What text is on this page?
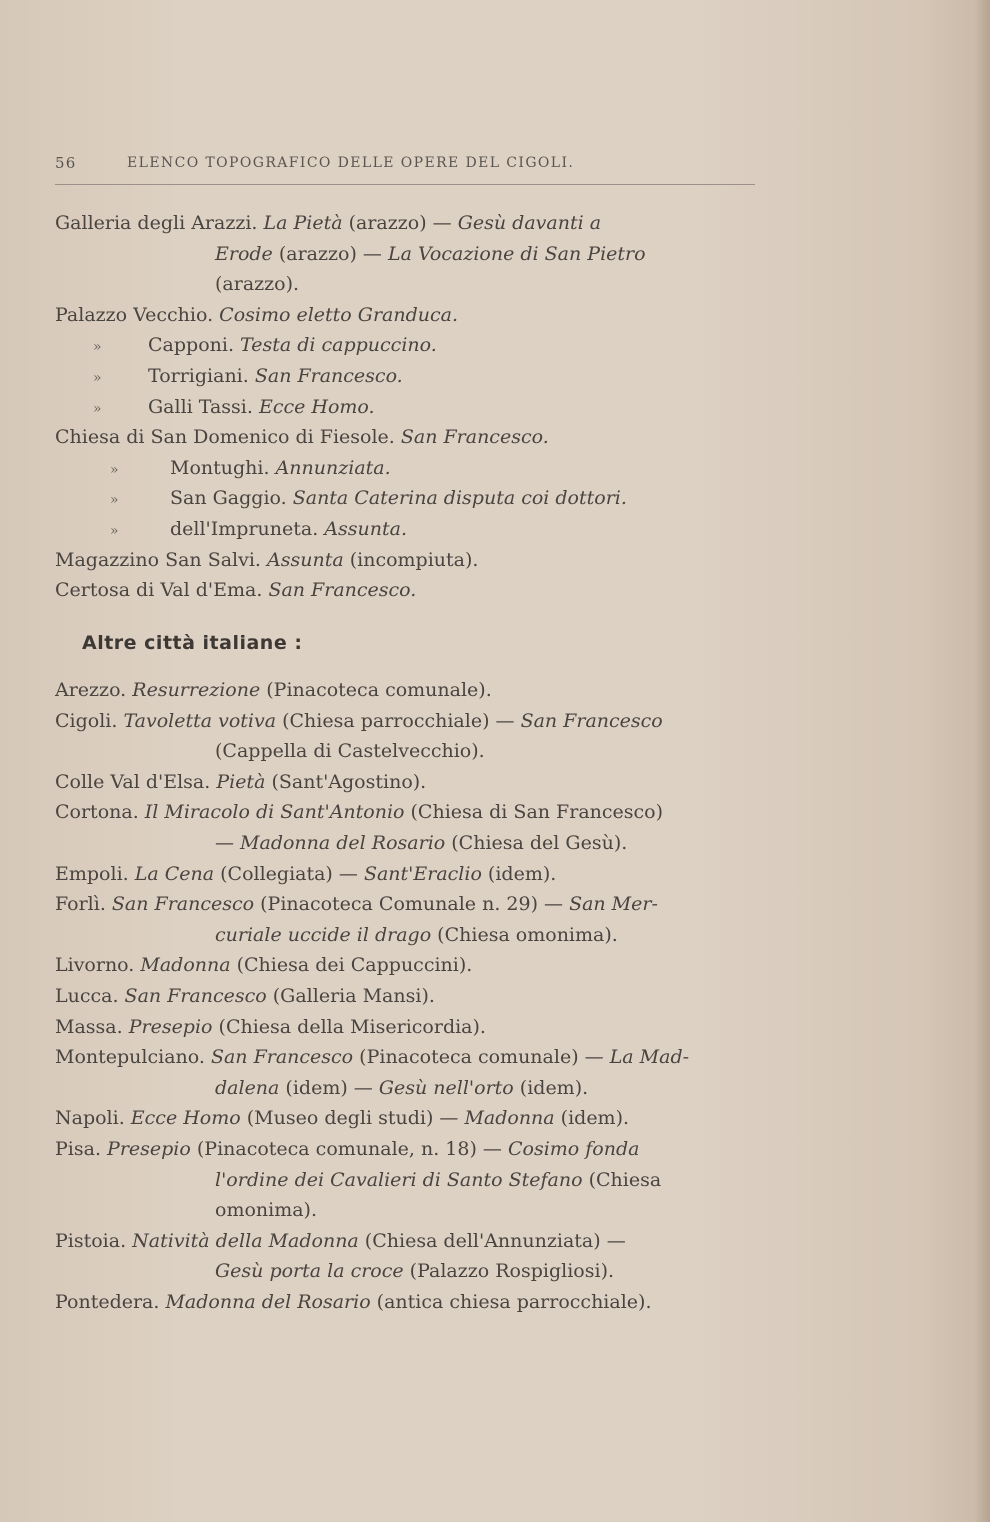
56	ELENCO TOPOGRAFICO DELLE OPERE DEL CIGOLI.
Galleria degli Arazzi. La Pietà (arazzo) — Gesù davanti a
Erode (arazzo) — La Vocazione di San Pietro
(arazzo).
Palazzo Vecchio. Cosimo eletto Granduca.
» Capponi. Testa di cappuccino.
» Torrigiani. San Francesco.
» Galli Tassi. Ecce Homo.
Chiesa di San Domenico di Fiesole. San Francesco.
»	Montughi. Annunziata.
»	San Gaggio. Santa Caterina disputa coi dottori.
»	dell'Impruneta. Assunta.
Magazzino San Salvi. Assunta (incompiuta).
Certosa di Val d'Ema. San Francesco.
Altre città italiane :
Arezzo. Resurrezione (Pinacoteca comunale).
Cigoli. Tavoletta votiva (Chiesa parrocchiale) — San Francesco
(Cappella di Castelvecchio).
Colle Val d'Elsa. Pietà (Sant'Agostino).
Cortona. Il Miracolo di Sant'Antonio (Chiesa di San Francesco)
— Madonna del Rosario (Chiesa del Gesù).
Empoli. La Cena (Collegiata) — Sant'Eraclio (idem).
Forlì. San Francesco (Pinacoteca Comunale n. 29) — San Mer-
curiale uccide il drago (Chiesa omonima).
Livorno. Madonna (Chiesa dei Cappuccini).
Lucca. San Francesco (Galleria Mansi).
Massa. Presepio (Chiesa della Misericordia).
Montepulciano. San Francesco (Pinacoteca comunale) — La Mad-
dalena (idem) — Gesù nell'orto (idem).
Napoli. Ecce Homo (Museo degli studi) — Madonna (idem).
Pisa. Presepio (Pinacoteca comunale, n. 18) — Cosimo fonda
l'ordine dei Cavalieri di Santo Stefano (Chiesa
omonima).
Pistoia. Natività della Madonna (Chiesa dell'Annunziata) —
Gesù porta la croce (Palazzo Rospigliosi).
Pontedera. Madonna del Rosario (antica chiesa parrocchiale).
